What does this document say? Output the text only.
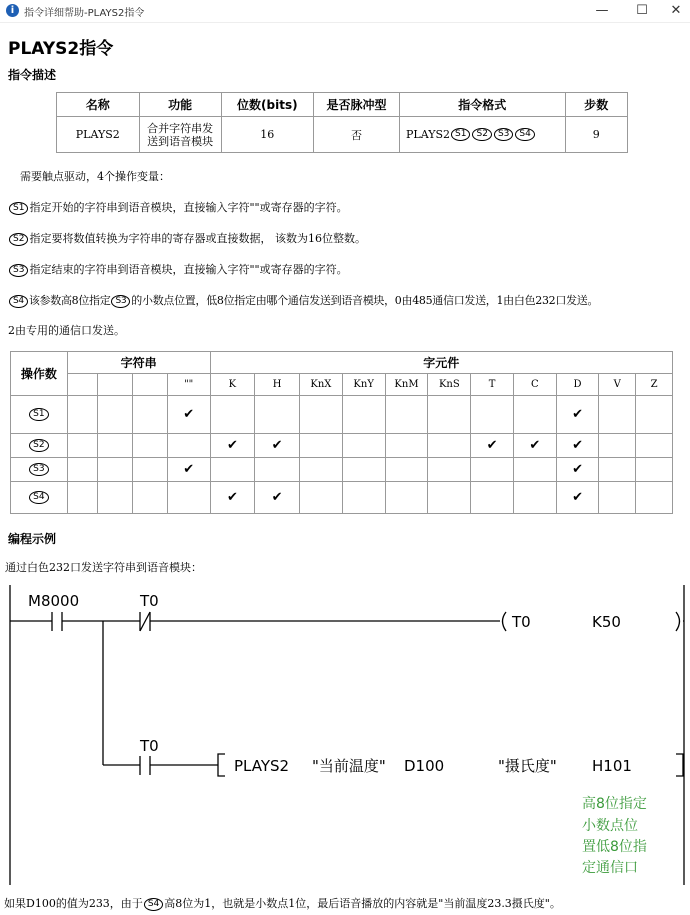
i 指令详细帮助-PLAYS2指令	—	☐	✕
PLAYS2指令
指令描述
名称	功能	位数(bits)	是否脉冲型	指令格式	步数
PLAYS2	合并字符串发
送到语音模块	16	否	PLAYS2 S1 S2 S3 S4	9
需要触点驱动，4个操作变量：
S1 指定开始的字符串到语音模块，直接输入字符""或寄存器的字符。
S2 指定要将数值转换为字符串的寄存器或直接数据， 该数为16位整数。
S3 指定结束的字符串到语音模块，直接输入字符""或寄存器的字符。
S4 该参数高8位指定 S3 的小数点位置，低8位指定由哪个通信发送到语音模块，0由485通信口发送，1由白色232口发送。
2由专用的通信口发送。
操作数	字符串				字元件										
				""	K	H	KnX	KnY	KnM	KnS	T	C	D	V	Z
S1				✔									✔		
S2					✔	✔					✔	✔	✔		
S3				✔									✔		
S4					✔	✔							✔		
编程示例
通过白色232口发送字符串到语音模块：
M8000	T0
T0	K50
T0
PLAYS2 "当前温度" D100	"摄氏度" H101
高8位指定
小数点位
置低8位指
定通信口
如果D100的值为233，由于 S4 高8位为1，也就是小数点1位，最后语音播放的内容就是"当前温度23.3摄氏度"。
